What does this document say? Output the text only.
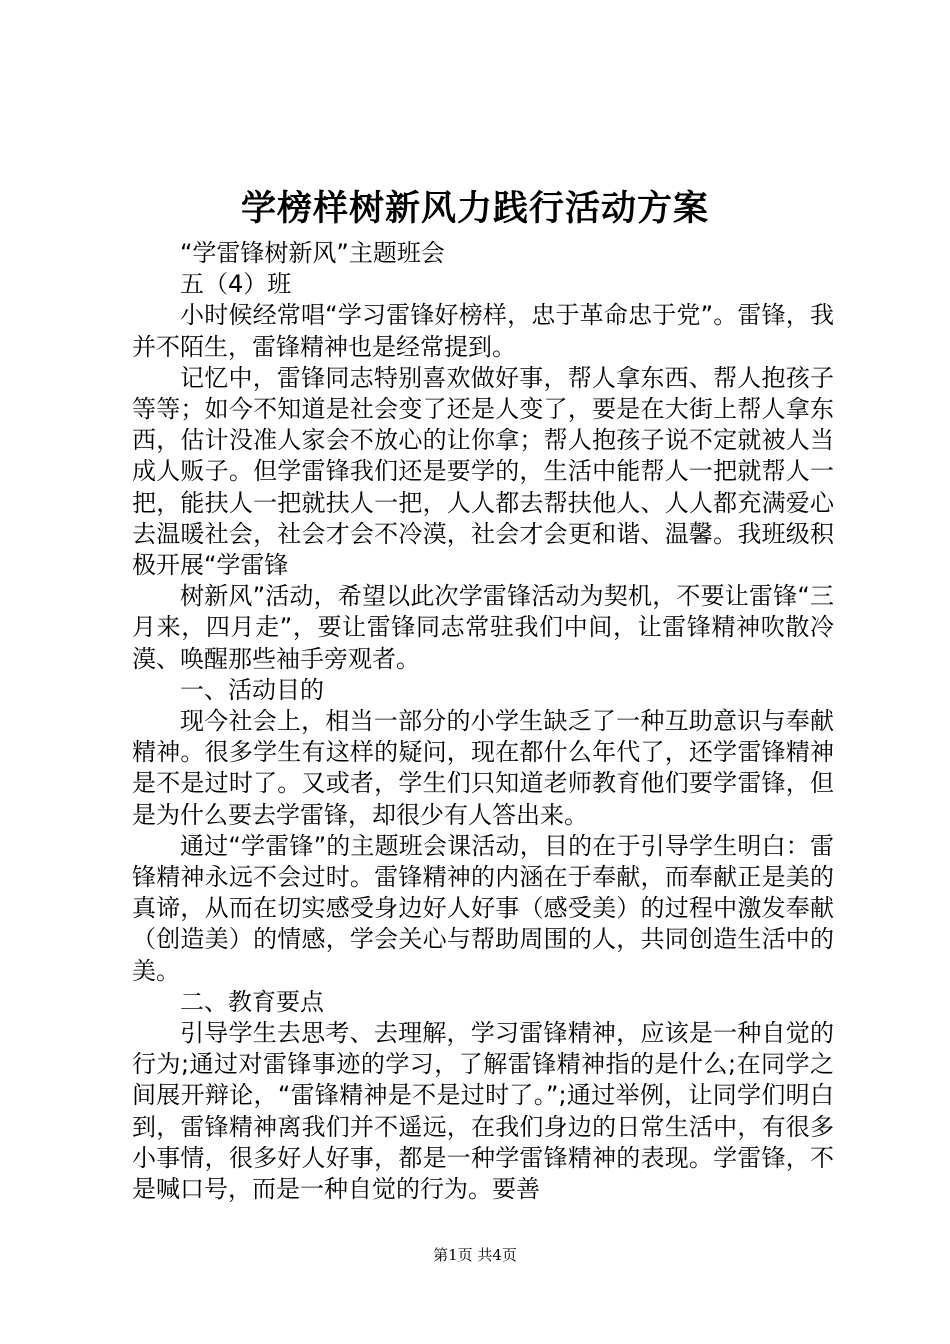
学榜样树新风力践行活动方案

“学雷锋树新风”主题班会

五（4）班

小时候经常唱“学习雷锋好榜样，忠于革命忠于党”。雷锋，我并不陌生，雷锋精神也是经常提到。

记忆中，雷锋同志特别喜欢做好事，帮人拿东西、帮人抱孩子等等；如今不知道是社会变了还是人变了，要是在大街上帮人拿东西，估计没准人家会不放心的让你拿；帮人抱孩子说不定就被人当成人贩子。但学雷锋我们还是要学的，生活中能帮人一把就帮人一把，能扶人一把就扶人一把，人人都去帮扶他人、人人都充满爱心去温暖社会，社会才会不冷漠，社会才会更和谐、温馨。我班级积极开展“学雷锋

树新风”活动，希望以此次学雷锋活动为契机，不要让雷锋“三月来，四月走”，要让雷锋同志常驻我们中间，让雷锋精神吹散冷漠、唤醒那些袖手旁观者。

一、活动目的

现今社会上，相当一部分的小学生缺乏了一种互助意识与奉献精神。很多学生有这样的疑问，现在都什么年代了，还学雷锋精神是不是过时了。又或者，学生们只知道老师教育他们要学雷锋，但是为什么要去学雷锋，却很少有人答出来。

通过“学雷锋”的主题班会课活动，目的在于引导学生明白：雷锋精神永远不会过时。雷锋精神的内涵在于奉献，而奉献正是美的真谛，从而在切实感受身边好人好事（感受美）的过程中激发奉献（创造美）的情感，学会关心与帮助周围的人，共同创造生活中的美。

二、教育要点

引导学生去思考、去理解，学习雷锋精神，应该是一种自觉的行为;通过对雷锋事迹的学习，了解雷锋精神指的是什么;在同学之间展开辩论，“雷锋精神是不是过时了。”;通过举例，让同学们明白到，雷锋精神离我们并不遥远，在我们身边的日常生活中，有很多小事情，很多好人好事，都是一种学雷锋精神的表现。学雷锋，不是喊口号，而是一种自觉的行为。要善

第1页 共4页
